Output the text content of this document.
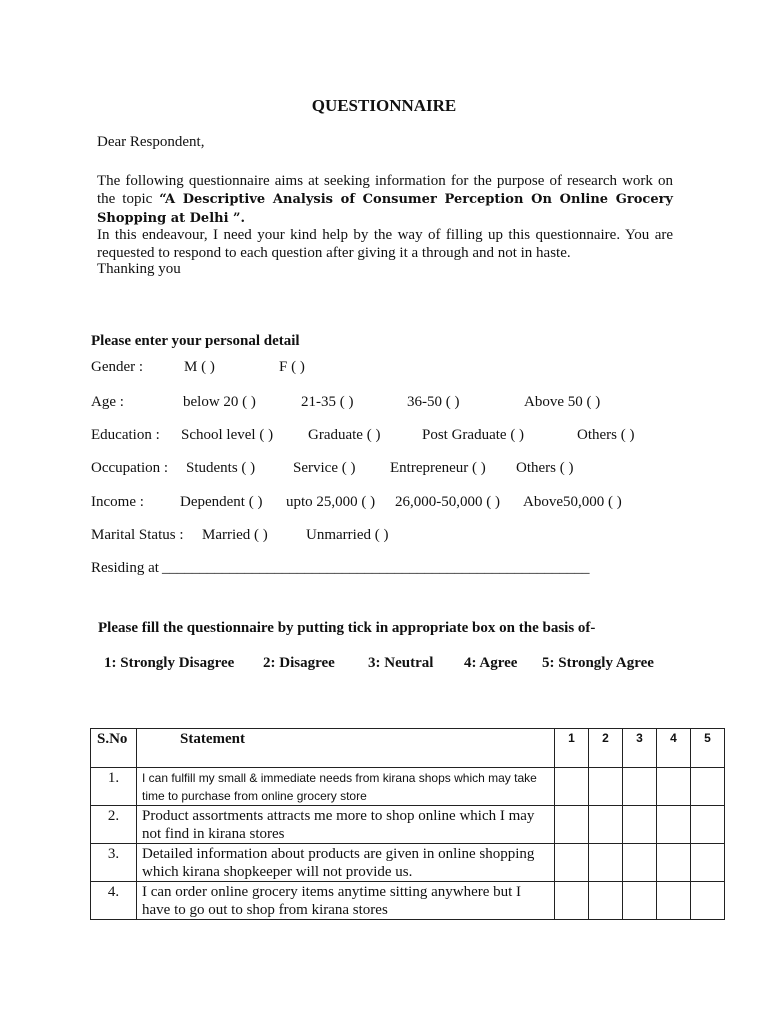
QUESTIONNAIRE
Dear Respondent,
The following questionnaire aims at seeking information for the purpose of research work on the topic “A Descriptive Analysis of Consumer Perception On Online Grocery Shopping at Delhi ”.
In this endeavour, I need your kind help by the way of filling up this questionnaire. You are requested to respond to each question after giving it a through and not in haste.
Thanking you
Please enter your personal detail
Gender :	M ( )	F ( )
Age :	below 20 ( )	21-35 ( )	36-50 ( )	Above 50 ( )
Education : School level ( ) Graduate ( )	Post Graduate ( )	Others ( )
Occupation : Students ( )	Service ( ) Entrepreneur ( ) Others ( )
Income : Dependent ( ) upto 25,000 ( ) 26,000-50,000 ( ) Above50,000 ( )
Marital Status : Married ( )	Unmarried ( )
Residing at _________________________________________________________
Please fill the questionnaire by putting tick in appropriate box on the basis of-
1: Strongly Disagree 2: Disagree 3: Neutral 4: Agree 5: Strongly Agree
S.No	Statement	1	2	3	4	5
1.	I can fulfill my small & immediate needs from kirana shops which may take time to purchase from online grocery store					
2.	Product assortments attracts me more to shop online which I may not find in kirana stores					
3.	Detailed information about products are given in online shopping which kirana shopkeeper will not provide us.					
4.	I can order online grocery items anytime sitting anywhere but I have to go out to shop from kirana stores					
